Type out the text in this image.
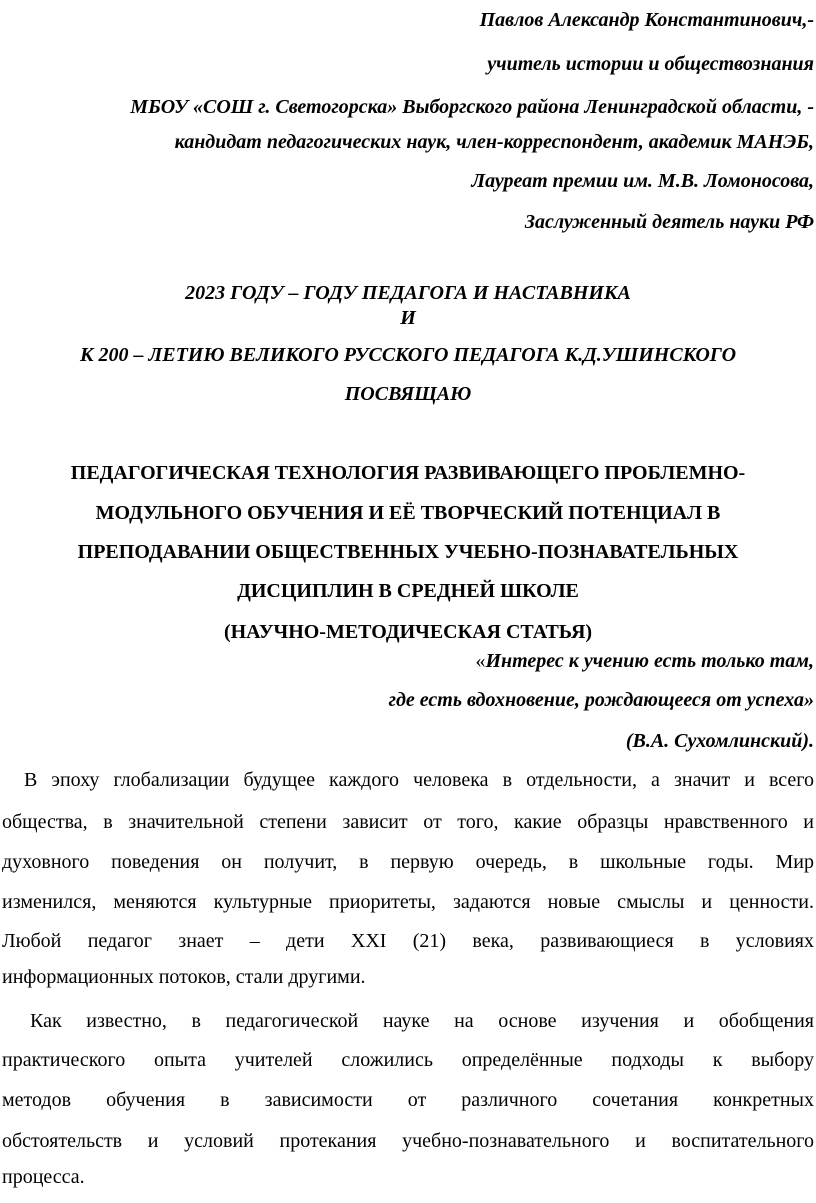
Павлов Александр Константинович,-
учитель истории и обществознания
МБОУ «СОШ г. Светогорска» Выборгского района Ленинградской области, -
кандидат педагогических наук, член-корреспондент, академик МАНЭБ,
Лауреат премии им. М.В. Ломоносова,
Заслуженный деятель науки РФ
2023 ГОДУ – ГОДУ ПЕДАГОГА И НАСТАВНИКА
И
К 200 – ЛЕТИЮ ВЕЛИКОГО РУССКОГО ПЕДАГОГА К.Д.УШИНСКОГО
ПОСВЯЩАЮ
ПЕДАГОГИЧЕСКАЯ ТЕХНОЛОГИЯ РАЗВИВАЮЩЕГО ПРОБЛЕМНО-
МОДУЛЬНОГО ОБУЧЕНИЯ И ЕЁ ТВОРЧЕСКИЙ ПОТЕНЦИАЛ В
ПРЕПОДАВАНИИ ОБЩЕСТВЕННЫХ УЧЕБНО-ПОЗНАВАТЕЛЬНЫХ
ДИСЦИПЛИН В СРЕДНЕЙ ШКОЛЕ
(НАУЧНО-МЕТОДИЧЕСКАЯ СТАТЬЯ)
«Интерес к учению есть только там,
где есть вдохновение, рождающееся от успеха»
(В.А. Сухомлинский).
В эпоху глобализации будущее каждого человека в отдельности, а значит и всего
общества, в значительной степени зависит от того, какие образцы нравственного и
духовного поведения он получит, в первую очередь, в школьные годы. Мир
изменился, меняются культурные приоритеты, задаются новые смыслы и ценности.
Любой педагог знает – дети XXI (21) века, развивающиеся в условиях
информационных потоков, стали другими.
Как известно, в педагогической науке на основе изучения и обобщения
практического опыта учителей сложились определённые подходы к выбору
методов обучения в зависимости от различного сочетания конкретных
обстоятельств и условий протекания учебно-познавательного и воспитательного
процесса.
